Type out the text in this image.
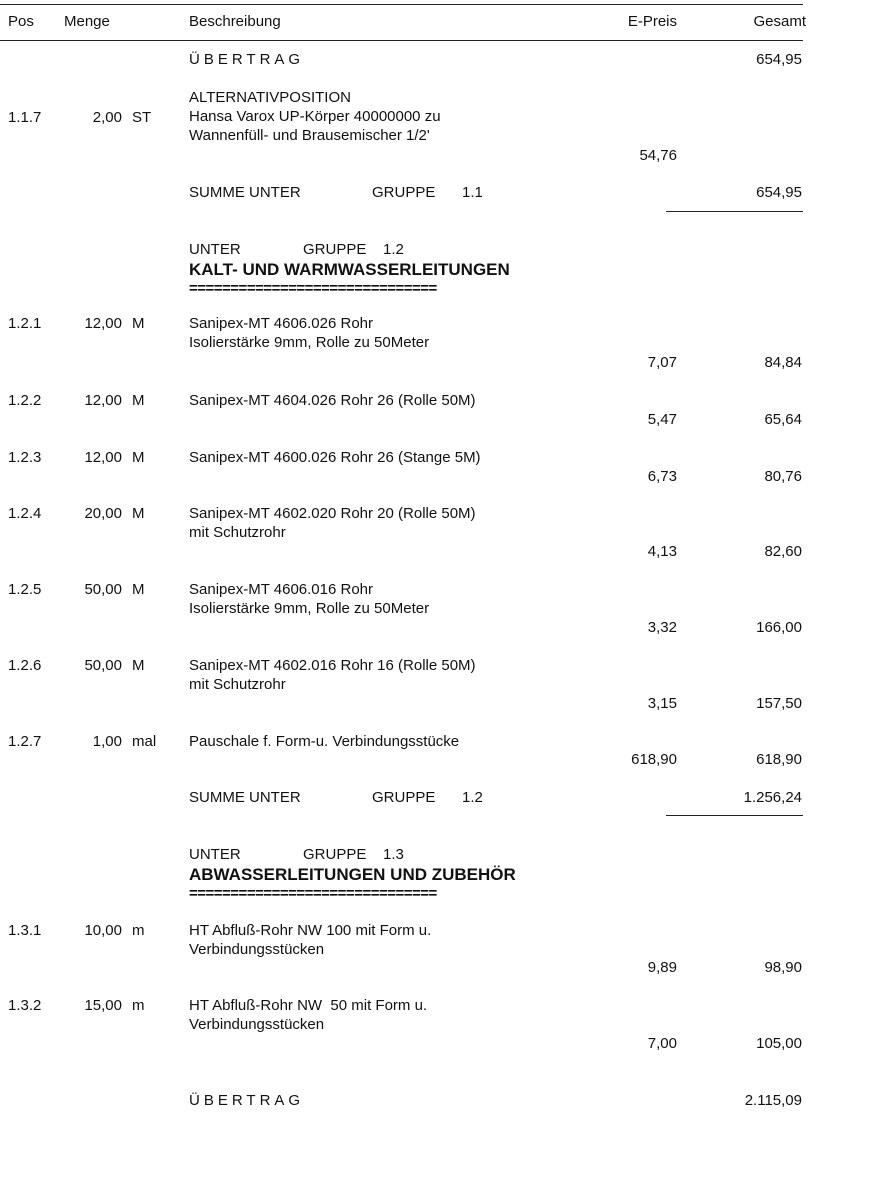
Pos Menge	Beschreibung	E-Preis	Gesamt
ÜBERTRAG	654,95
1.1.7	2,00 ST
ALTERNATIVPOSITION
Hansa Varox UP-Körper 40000000 zu
Wannenfüll- und Brausemischer 1/2'
54,76
SUMME UNTER	GRUPPE 1.1	654,95
UNTER	GRUPPE 1.2
KALT- UND WARMWASSERLEITUNGEN
==============================
1.2.1	12,00 M	Sanipex-MT 4606.026 Rohr
Isolierstärke 9mm, Rolle zu 50Meter
7,07	84,84
1.2.2	12,00 M	Sanipex-MT 4604.026 Rohr 26 (Rolle 50M)
5,47	65,64
1.2.3	12,00 M	Sanipex-MT 4600.026 Rohr 26 (Stange 5M)
6,73	80,76
1.2.4	20,00 M	Sanipex-MT 4602.020 Rohr 20 (Rolle 50M)
mit Schutzrohr
4,13	82,60
1.2.5	50,00 M	Sanipex-MT 4606.016 Rohr
Isolierstärke 9mm, Rolle zu 50Meter
3,32	166,00
1.2.6	50,00 M	Sanipex-MT 4602.016 Rohr 16 (Rolle 50M)
mit Schutzrohr
3,15	157,50
1.2.7	1,00 mal Pauschale f. Form-u. Verbindungsstücke
618,90	618,90
SUMME UNTER	GRUPPE 1.2	1.256,24
UNTER	GRUPPE 1.3
ABWASSERLEITUNGEN UND ZUBEHÖR
==============================
1.3.1	10,00 m	HT Abfluß-Rohr NW 100 mit Form u.
Verbindungsstücken
9,89	98,90
1.3.2	15,00 m	HT Abfluß-Rohr NW  50 mit Form u.
Verbindungsstücken
7,00	105,00
ÜBERTRAG	2.115,09
